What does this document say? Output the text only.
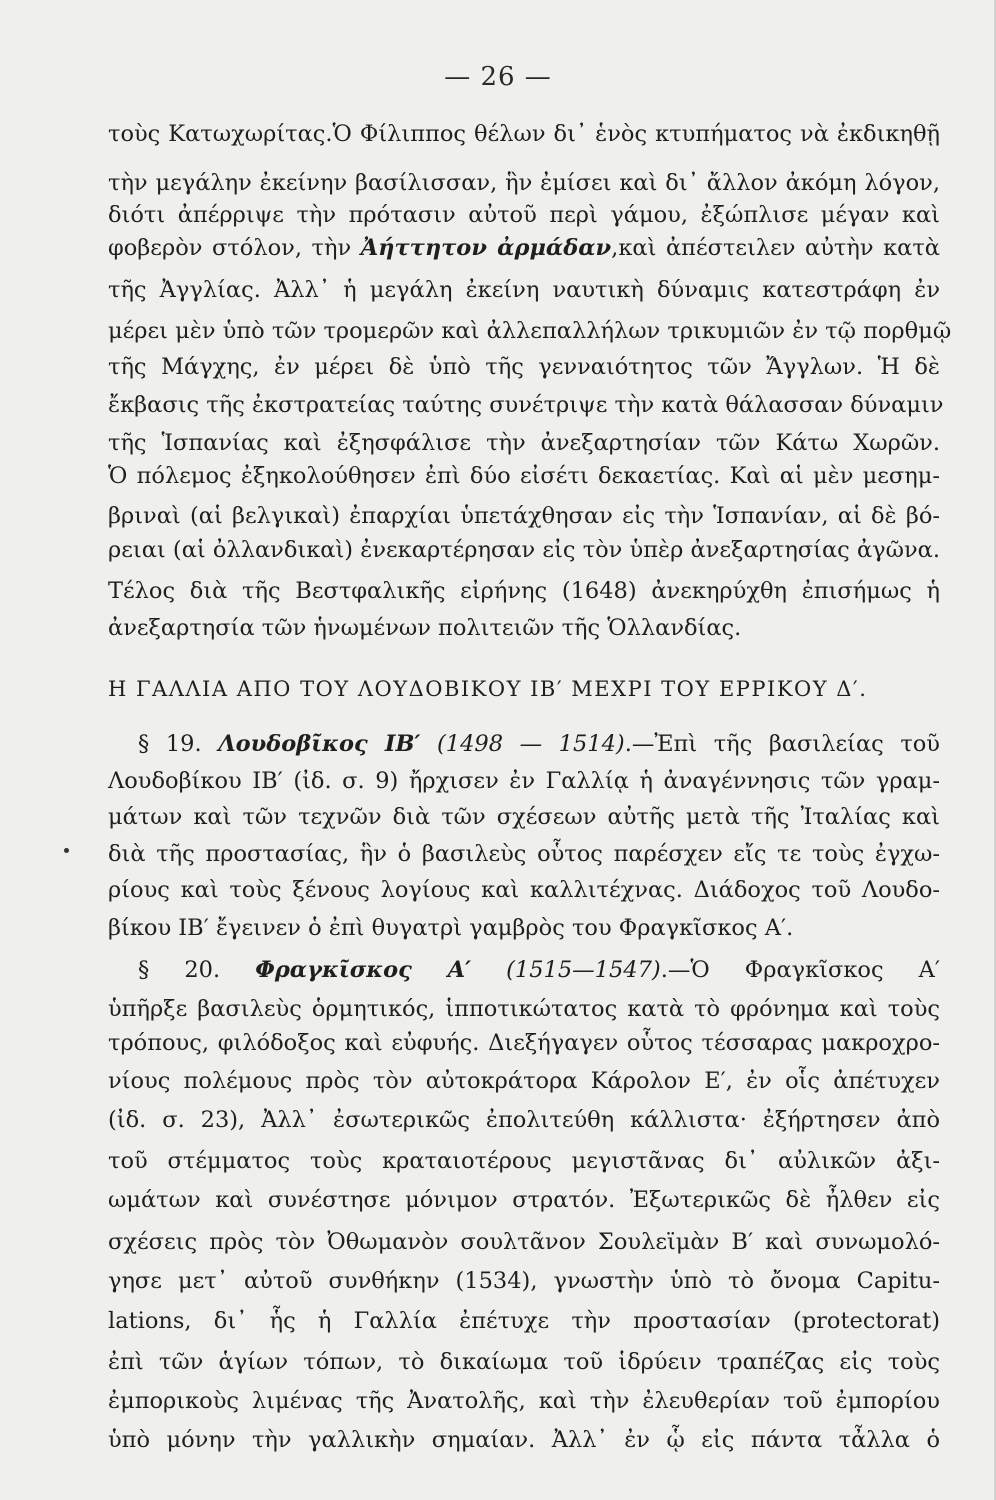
— 26 —
τοὺς Κατωχωρίτας.Ὁ Φίλιππος θέλων δι᾽ ἑνὸς κτυπήματος νὰ ἐκδικηθῇ
τὴν μεγάλην ἐκείνην βασίλισσαν, ἣν ἐμίσει καὶ δι᾽ ἄλλον ἀκόμη λόγον,
διότι ἀπέρριψε τὴν πρότασιν αὐτοῦ περὶ γάμου, ἐξώπλισε μέγαν καὶ
φοβερὸν στόλον, τὴν Ἀήττητον ἀρμάδαν,καὶ ἀπέστειλεν αὐτὴν κατὰ
τῆς Ἀγγλίας. Ἀλλ᾽ ἡ μεγάλη ἐκείνη ναυτικὴ δύναμις κατεστράφη ἐν
μέρει μὲν ὑπὸ τῶν τρομερῶν καὶ ἀλλεπαλλήλων τρικυμιῶν ἐν τῷ πορθμῷ
τῆς Μάγχης, ἐν μέρει δὲ ὑπὸ τῆς γενναιότητος τῶν Ἄγγλων. Ἡ δὲ
ἔκβασις τῆς ἐκστρατείας ταύτης συνέτριψε τὴν κατὰ θάλασσαν δύναμιν
τῆς Ἱσπανίας καὶ ἐξησφάλισε τὴν ἀνεξαρτησίαν τῶν Κάτω Χωρῶν.
Ὁ πόλεμος ἐξηκολούθησεν ἐπὶ δύο εἰσέτι δεκαετίας. Καὶ αἱ μὲν μεσημ-
βριναὶ (αἱ βελγικαὶ) ἐπαρχίαι ὑπετάχθησαν εἰς τὴν Ἱσπανίαν, αἱ δὲ βό-
ρειαι (αἱ ὀλλανδικαὶ) ἐνεκαρτέρησαν εἰς τὸν ὑπὲρ ἀνεξαρτησίας ἀγῶνα.
Τέλος διὰ τῆς Βεστφαλικῆς εἰρήνης (1648) ἀνεκηρύχθη ἐπισήμως ἡ
ἀνεξαρτησία τῶν ἡνωμένων πολιτειῶν τῆς Ὁλλανδίας.
Η ΓΑΛΛΙΑ ΑΠΟ ΤΟΥ ΛΟΥΔΟΒΙΚΟΥ ΙΒ′ ΜΕΧΡΙ ΤΟΥ ΕΡΡΙΚΟΥ Δ′.
§ 19. Λουδοβῖκος ΙΒ′ (1498 — 1514).—Ἐπὶ τῆς βασιλείας τοῦ
Λουδοβίκου ΙΒ′ (ἰδ. σ. 9) ἤρχισεν ἐν Γαλλίᾳ ἡ ἀναγέννησις τῶν γραμ-
μάτων καὶ τῶν τεχνῶν διὰ τῶν σχέσεων αὐτῆς μετὰ τῆς Ἰταλίας καὶ
διὰ τῆς προστασίας, ἣν ὁ βασιλεὺς οὗτος παρέσχεν εἴς τε τοὺς ἐγχω-
ρίους καὶ τοὺς ξένους λογίους καὶ καλλιτέχνας. Διάδοχος τοῦ Λουδο-
βίκου ΙΒ′ ἔγεινεν ὁ ἐπὶ θυγατρὶ γαμβρὸς του Φραγκῖσκος Α′.
§ 20. Φραγκῖσκος Α′ (1515—1547).—Ὁ Φραγκῖσκος Α′
ὑπῆρξε βασιλεὺς ὁρμητικός, ἱπποτικώτατος κατὰ τὸ φρόνημα καὶ τοὺς
τρόπους, φιλόδοξος καὶ εὐφυής. Διεξήγαγεν οὗτος τέσσαρας μακροχρο-
νίους πολέμους πρὸς τὸν αὐτοκράτορα Κάρολον Ε′, ἐν οἷς ἀπέτυχεν
(ἰδ. σ. 23), Ἀλλ᾽ ἐσωτερικῶς ἐπολιτεύθη κάλλιστα· ἐξήρτησεν ἀπὸ
τοῦ στέμματος τοὺς κραταιοτέρους μεγιστᾶνας δι᾽ αὐλικῶν ἀξι-
ωμάτων καὶ συνέστησε μόνιμον στρατόν. Ἐξωτερικῶς δὲ ἦλθεν εἰς
σχέσεις πρὸς τὸν Ὀθωμανὸν σουλτᾶνον Σουλεϊμὰν Β′ καὶ συνωμολό-
γησε μετ᾽ αὐτοῦ συνθήκην (1534), γνωστὴν ὑπὸ τὸ ὄνομα Capitu-
lations, δι᾽ ἧς ἡ Γαλλία ἐπέτυχε τὴν προστασίαν (protectorat)
ἐπὶ τῶν ἁγίων τόπων, τὸ δικαίωμα τοῦ ἱδρύειν τραπέζας εἰς τοὺς
ἐμπορικοὺς λιμένας τῆς Ἀνατολῆς, καὶ τὴν ἐλευθερίαν τοῦ ἐμπορίου
ὑπὸ μόνην τὴν γαλλικὴν σημαίαν. Ἀλλ᾽ ἐν ᾧ εἰς πάντα τἆλλα ὁ
